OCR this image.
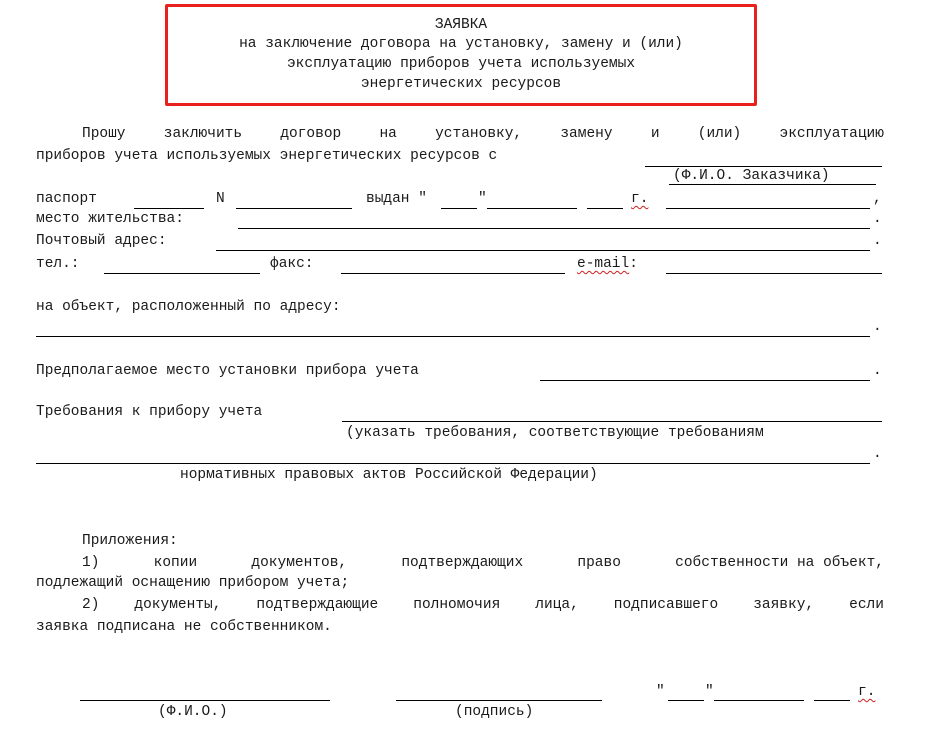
ЗАЯВКА
на заключение договора на установку, замену и (или)
эксплуатацию приборов учета используемых
энергетических ресурсов
Прошу	заключить	договор	на	установку,	замену	и	(или)	эксплуатацию
приборов учета используемых энергетических ресурсов с
(Ф.И.О. Заказчика)
паспорт	N	выдан "	"	г.	,
место жительства:	.
Почтовый адрес:	.
тел.:	факс:	e-mail:
на объект, расположенный по адресу:
.
Предполагаемое место установки прибора учета	.
Требования к прибору учета
(указать требования, соответствующие требованиям
.
нормативных правовых актов Российской Федерации)
Приложения:
1)	копии	документов,	подтверждающих	право	собственности на объект,
подлежащий оснащению прибором учета;
2) документы, подтверждающие полномочия лица, подписавшего заявку, если
заявка подписана не собственником.
(Ф.И.О.)	(подпись)
"	"	г.
